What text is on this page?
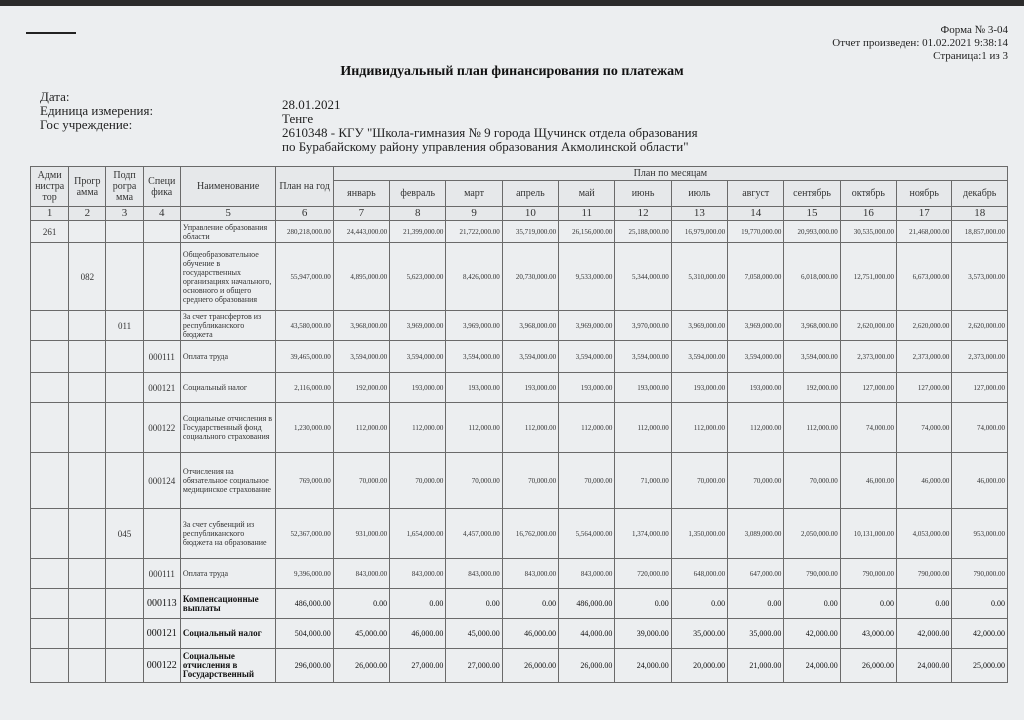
Форма № 3-04
Отчет произведен: 01.02.2021 9:38:14
Страница:1 из 3
Индивидуальный план финансирования по платежам
Дата:
Единица измерения:
Гос учреждение:
28.01.2021
Тенге
2610348 - КГУ "Школа-гимназия № 9 города Щучинск отдела образования
по Бурабайскому району управления образования Акмолинской области"
Адми нистра тор	Прогр амма	Подп рогра мма	Специ фика	Наименование	План на год	План по месяцам											
						январь	февраль	март	апрель	май	июнь	июль	август	сентябрь	октябрь	ноябрь	декабрь
1	2	3	4	5	6	7	8	9	10	11	12	13	14	15	16	17	18
261				Управление образования области	280,218,000.00	24,443,000.00	21,399,000.00	21,722,000.00	35,719,000.00	26,156,000.00	25,188,000.00	16,979,000.00	19,770,000.00	20,993,000.00	30,535,000.00	21,468,000.00	18,857,000.00
	082			Общеобразовательное обучение в государственных организациях начального, основного и общего среднего образования	55,947,000.00	4,895,000.00	5,623,000.00	8,426,000.00	20,730,000.00	9,533,000.00	5,344,000.00	5,310,000.00	7,058,000.00	6,018,000.00	12,751,000.00	6,673,000.00	3,573,000.00
		011		За счет трансфертов из республиканского бюджета	43,580,000.00	3,968,000.00	3,969,000.00	3,969,000.00	3,968,000.00	3,969,000.00	3,970,000.00	3,969,000.00	3,969,000.00	3,968,000.00	2,620,000.00	2,620,000.00	2,620,000.00
			000111	Оплата труда	39,465,000.00	3,594,000.00	3,594,000.00	3,594,000.00	3,594,000.00	3,594,000.00	3,594,000.00	3,594,000.00	3,594,000.00	3,594,000.00	2,373,000.00	2,373,000.00	2,373,000.00
			000121	Социальный налог	2,116,000.00	192,000.00	193,000.00	193,000.00	193,000.00	193,000.00	193,000.00	193,000.00	193,000.00	192,000.00	127,000.00	127,000.00	127,000.00
			000122	Социальные отчисления в Государственный фонд социального страхования	1,230,000.00	112,000.00	112,000.00	112,000.00	112,000.00	112,000.00	112,000.00	112,000.00	112,000.00	112,000.00	74,000.00	74,000.00	74,000.00
			000124	Отчисления на обязательное социальное медицинское страхование	769,000.00	70,000.00	70,000.00	70,000.00	70,000.00	70,000.00	71,000.00	70,000.00	70,000.00	70,000.00	46,000.00	46,000.00	46,000.00
		045		За счет субвенций из республиканского бюджета на образование	52,367,000.00	931,000.00	1,654,000.00	4,457,000.00	16,762,000.00	5,564,000.00	1,374,000.00	1,350,000.00	3,089,000.00	2,050,000.00	10,131,000.00	4,053,000.00	953,000.00
			000111	Оплата труда	9,396,000.00	843,000.00	843,000.00	843,000.00	843,000.00	843,000.00	720,000.00	648,000.00	647,000.00	790,000.00	790,000.00	790,000.00	790,000.00
			000113	Компенсационные выплаты	486,000.00	0.00	0.00	0.00	0.00	486,000.00	0.00	0.00	0.00	0.00	0.00	0.00	0.00
			000121	Социальный налог	504,000.00	45,000.00	46,000.00	45,000.00	46,000.00	44,000.00	39,000.00	35,000.00	35,000.00	42,000.00	43,000.00	42,000.00	42,000.00
			000122	Социальные отчисления в Государственный	296,000.00	26,000.00	27,000.00	27,000.00	26,000.00	26,000.00	24,000.00	20,000.00	21,000.00	24,000.00	26,000.00	24,000.00	25,000.00
